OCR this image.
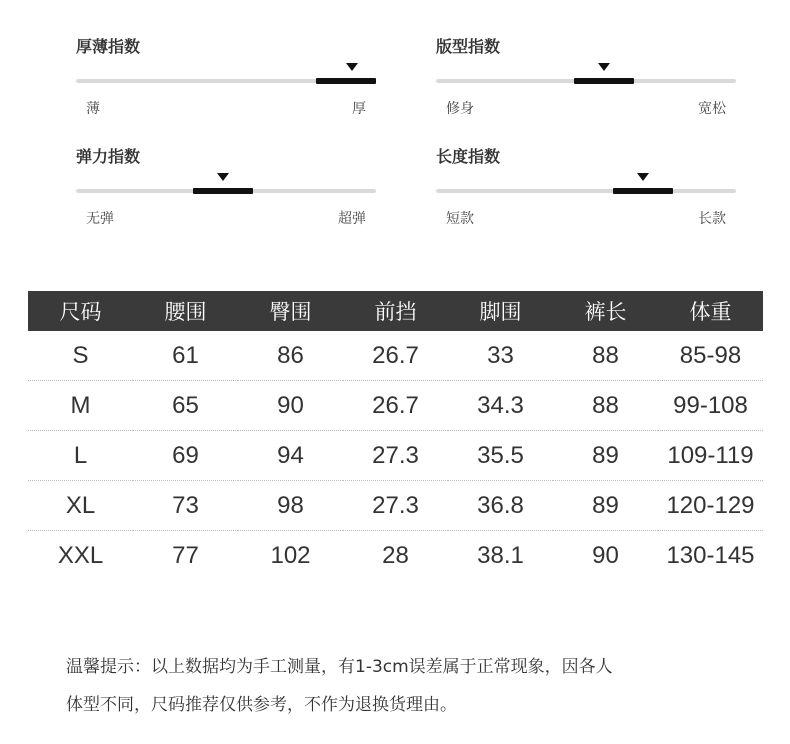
厚薄指数
薄	厚
版型指数
修身	宽松
弹力指数
无弹	超弹
长度指数
短款	长款
尺码	腰围	臀围	前挡	脚围	裤长	体重
S	61	86	26.7	33	88	85-98
M	65	90	26.7	34.3	88	99-108
L	69	94	27.3	35.5	89	109-119
XL	73	98	27.3	36.8	89	120-129
XXL	77	102	28	38.1	90	130-145
温馨提示：以上数据均为手工测量，有1-3cm误差属于正常现象，因各人
体型不同，尺码推荐仅供参考，不作为退换货理由。
